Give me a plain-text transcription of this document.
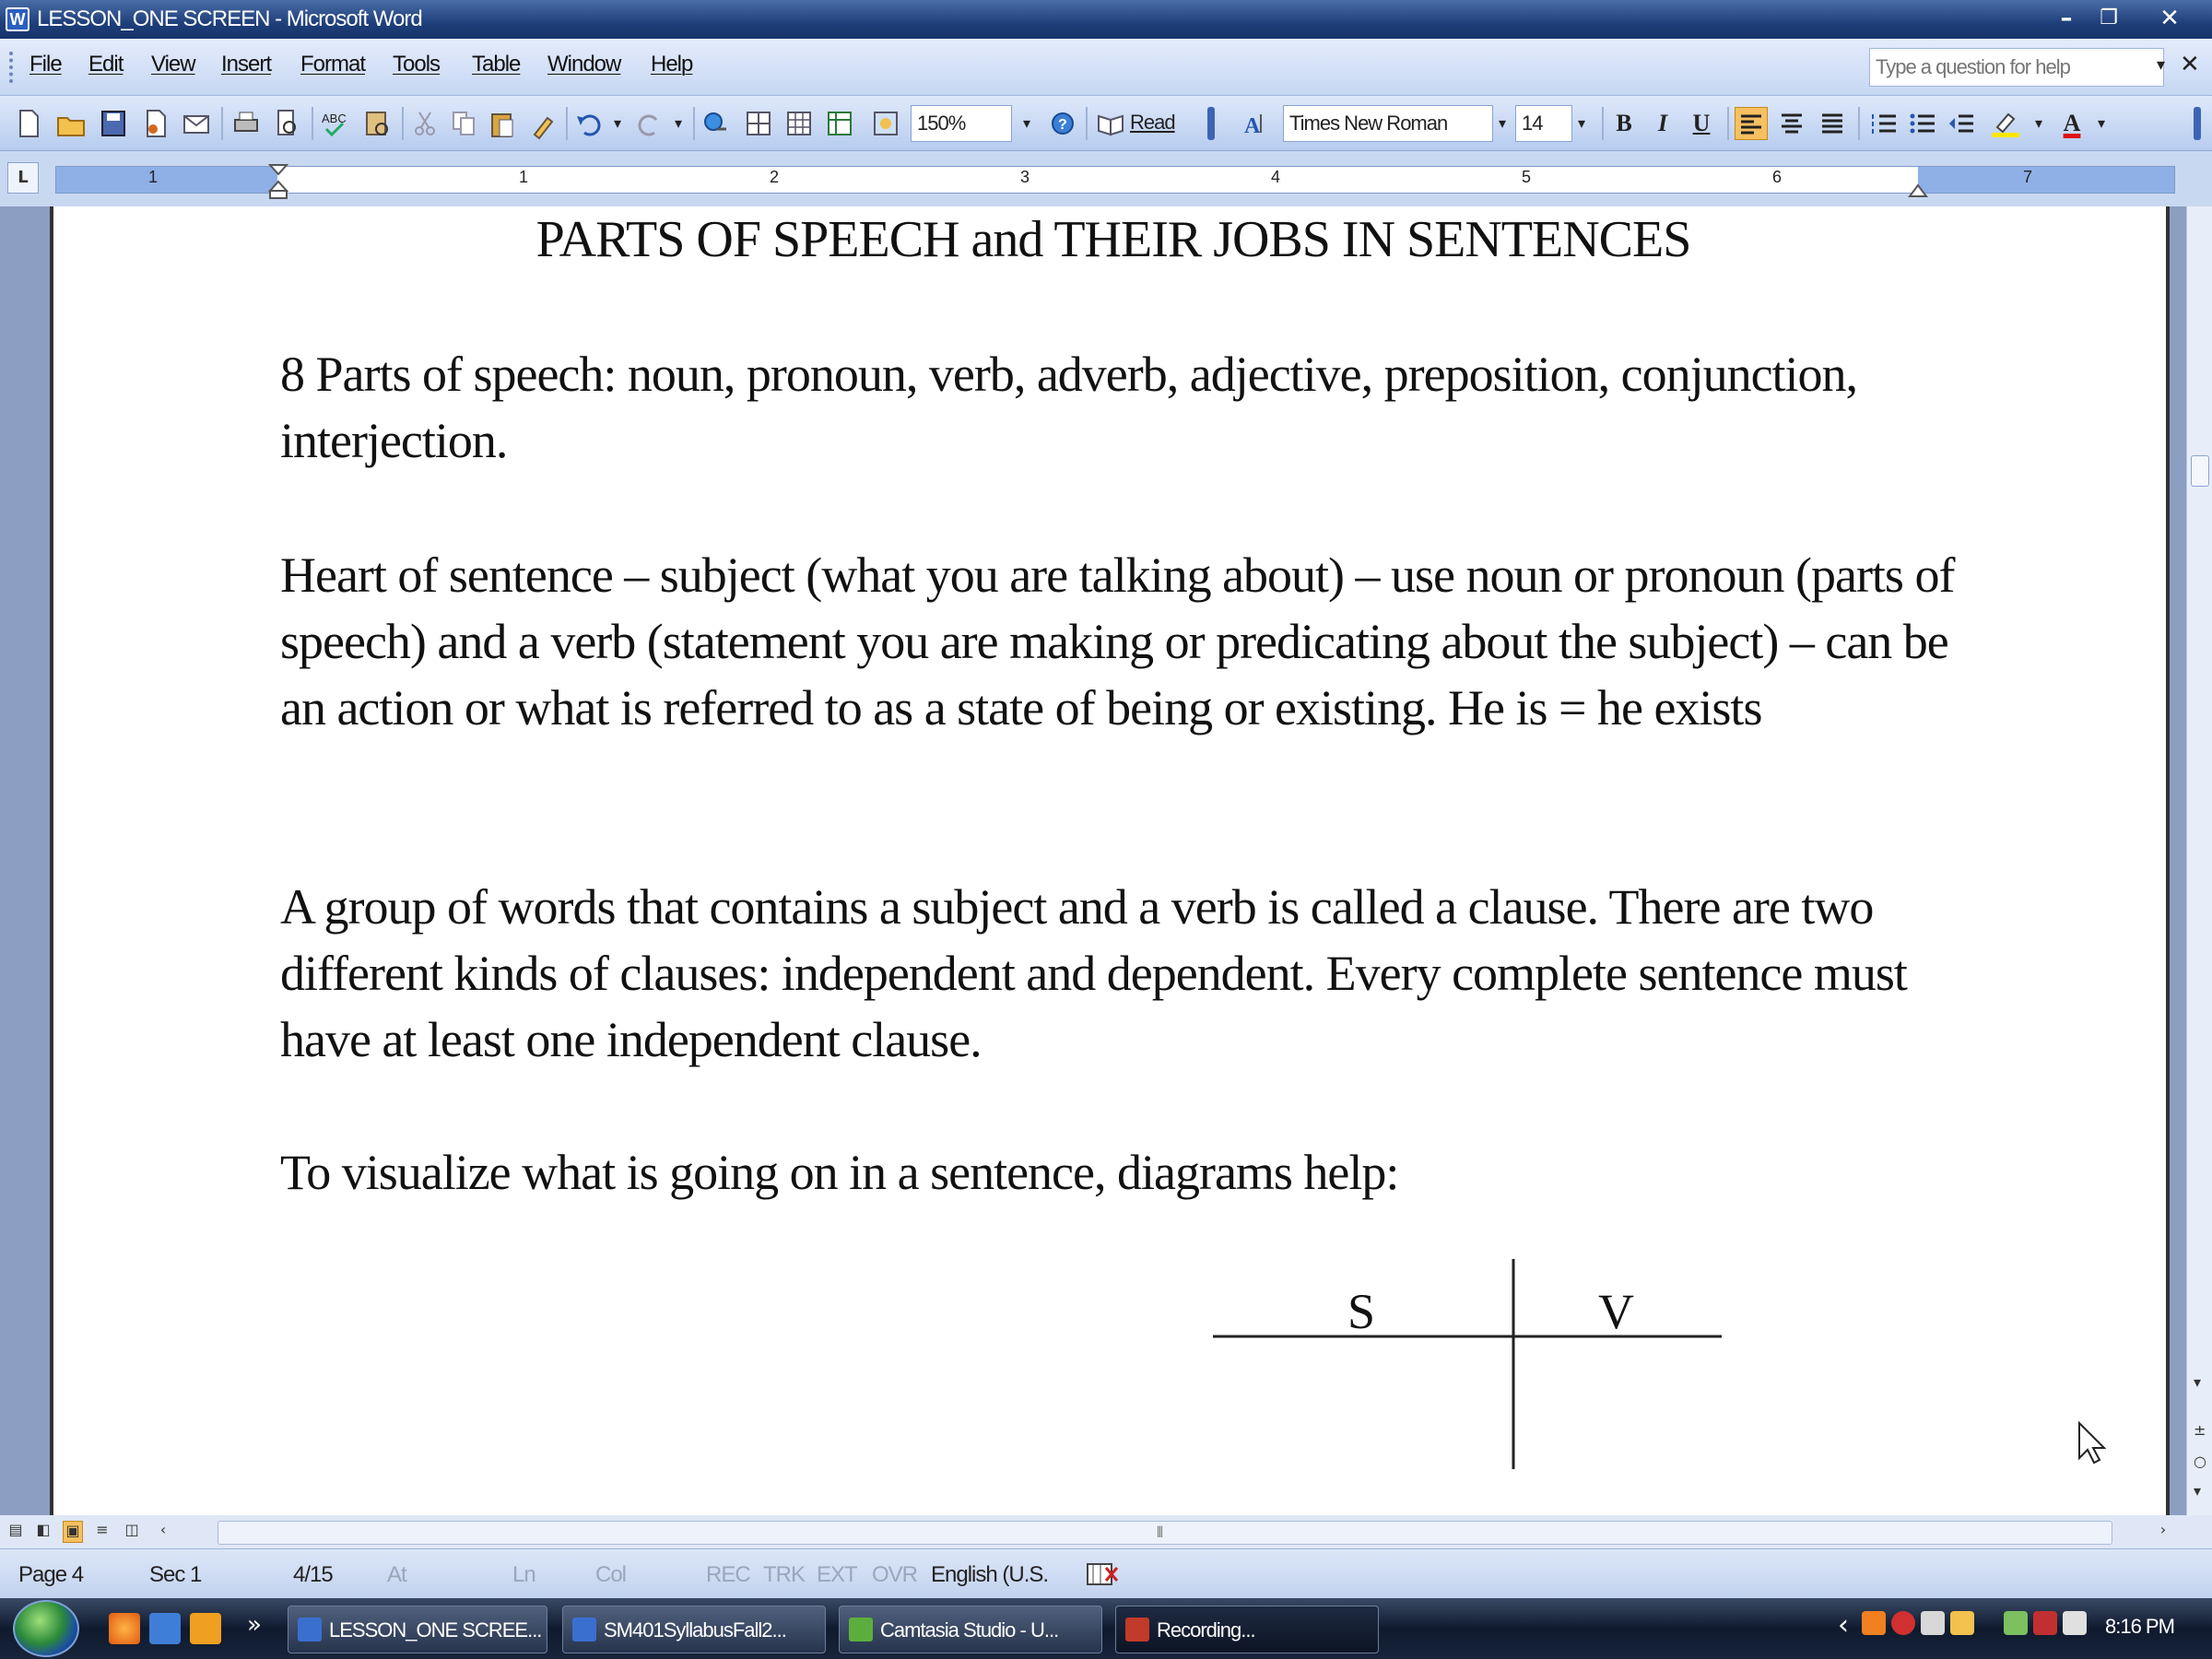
W LESSON_ONE SCREEN - Microsoft Word	–	❐	✕
File Edit View Insert Format Tools Table Window Help
Type a question for help	▾ ✕
ABC	▾	▾	150%	▾ ?	Read	A Times New Roman	▾ 14 ▾	B	I	U	▾ A	▾
L	1	1	2	3	4	5	6	7
PARTS OF SPEECH and THEIR JOBS IN SENTENCES
8 Parts of speech: noun, pronoun, verb, adverb, adjective, preposition, conjunction, interjection.
Heart of sentence – subject (what you are talking about) – use noun or pronoun (parts of speech) and a verb (statement you are making or predicating about the subject) – can be an action or what is referred to as a state of being or existing. He is = he exists
A group of words that contains a subject and a verb is called a clause. There are two different kinds of clauses: independent and dependent. Every complete sentence must have at least one independent clause.
To visualize what is going on in a sentence, diagrams help:
S	V
▾
±
○
▾
▤ ◧ ▣ ≡ ◫	‹	⦀	›
Page 4	Sec 1	4/15 At	Ln	Col	REC TRK EXT OVR English (U.S.
»	LESSON_ONE SCREE...	SM401SyllabusFall2...	Camtasia Studio - U...	Recording...	‹	8:16 PM
